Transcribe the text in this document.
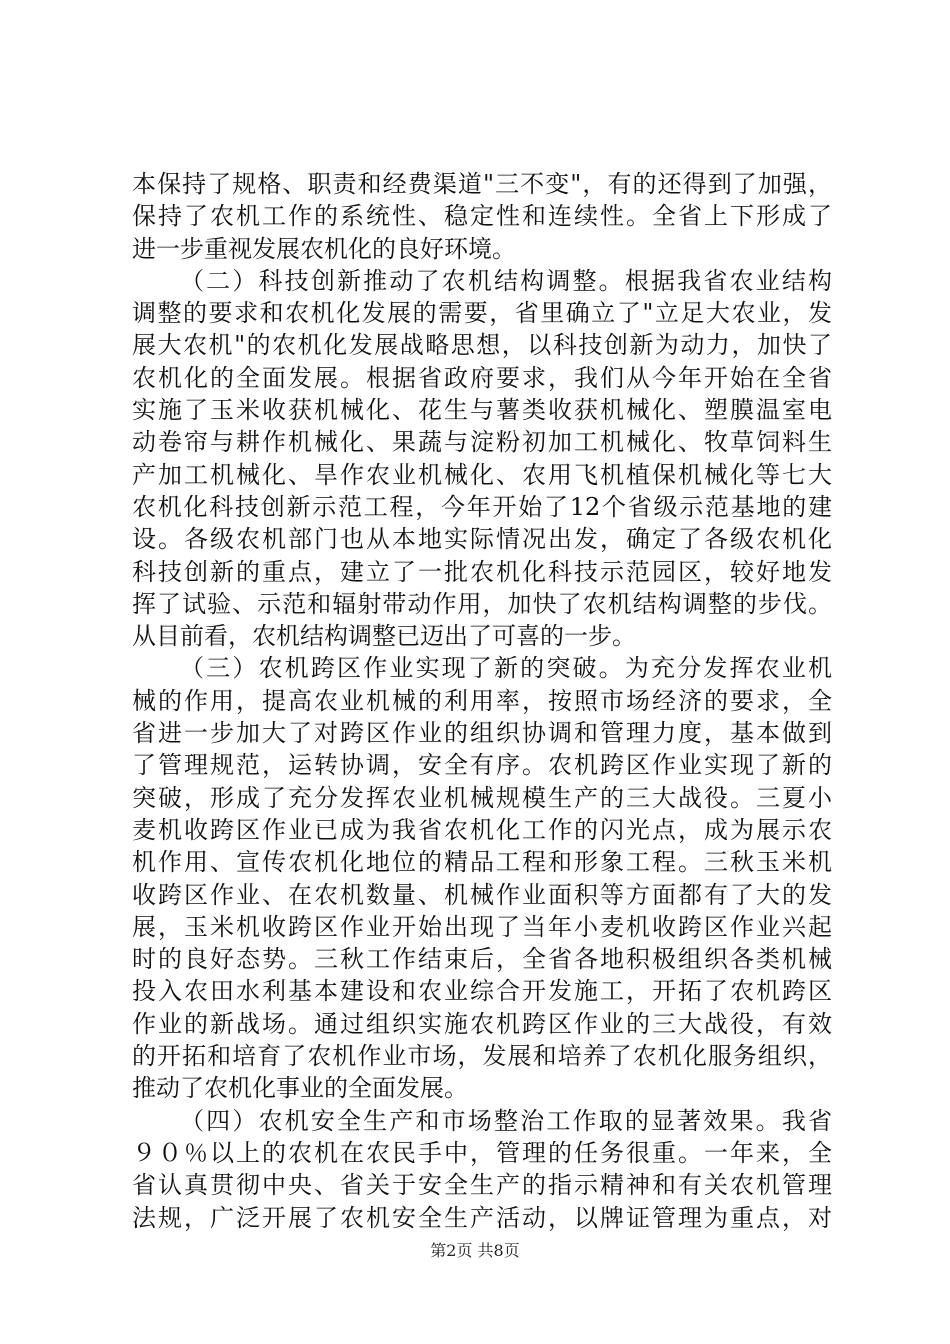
本保持了规格、职责和经费渠道"三不变"，有的还得到了加强，
保持了农机工作的系统性、稳定性和连续性。全省上下形成了
进一步重视发展农机化的良好环境。
（二）科技创新推动了农机结构调整。根据我省农业结构
调整的要求和农机化发展的需要，省里确立了"立足大农业，发
展大农机"的农机化发展战略思想，以科技创新为动力，加快了
农机化的全面发展。根据省政府要求，我们从今年开始在全省
实施了玉米收获机械化、花生与薯类收获机械化、塑膜温室电
动卷帘与耕作机械化、果蔬与淀粉初加工机械化、牧草饲料生
产加工机械化、旱作农业机械化、农用飞机植保机械化等七大
农机化科技创新示范工程，今年开始了12个省级示范基地的建
设。各级农机部门也从本地实际情况出发，确定了各级农机化
科技创新的重点，建立了一批农机化科技示范园区，较好地发
挥了试验、示范和辐射带动作用，加快了农机结构调整的步伐。
从目前看，农机结构调整已迈出了可喜的一步。
（三）农机跨区作业实现了新的突破。为充分发挥农业机
械的作用，提高农业机械的利用率，按照市场经济的要求，全
省进一步加大了对跨区作业的组织协调和管理力度，基本做到
了管理规范，运转协调，安全有序。农机跨区作业实现了新的
突破，形成了充分发挥农业机械规模生产的三大战役。三夏小
麦机收跨区作业已成为我省农机化工作的闪光点，成为展示农
机作用、宣传农机化地位的精品工程和形象工程。三秋玉米机
收跨区作业、在农机数量、机械作业面积等方面都有了大的发
展，玉米机收跨区作业开始出现了当年小麦机收跨区作业兴起
时的良好态势。三秋工作结束后，全省各地积极组织各类机械
投入农田水利基本建设和农业综合开发施工，开拓了农机跨区
作业的新战场。通过组织实施农机跨区作业的三大战役，有效
的开拓和培育了农机作业市场，发展和培养了农机化服务组织，
推动了农机化事业的全面发展。
（四）农机安全生产和市场整治工作取的显著效果。我省
９０％以上的农机在农民手中，管理的任务很重。一年来，全
省认真贯彻中央、省关于安全生产的指示精神和有关农机管理
法规，广泛开展了农机安全生产活动，以牌证管理为重点，对
第2页 共8页
